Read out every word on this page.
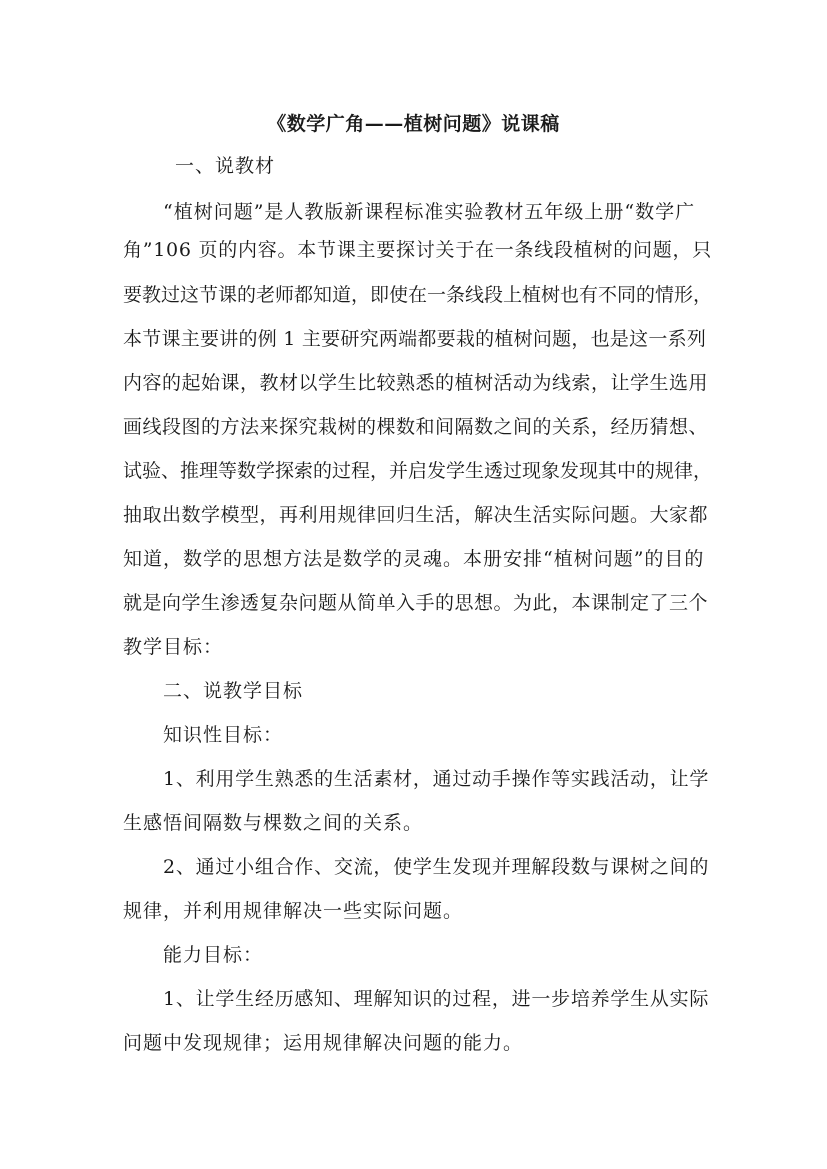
《数学广角——植树问题》说课稿
一、说教材
“植树问题”是人教版新课程标准实验教材五年级上册“数学广
角”106 页的内容。本节课主要探讨关于在一条线段植树的问题，只
要教过这节课的老师都知道，即使在一条线段上植树也有不同的情形，
本节课主要讲的例 1 主要研究两端都要栽的植树问题，也是这一系列
内容的起始课，教材以学生比较熟悉的植树活动为线索，让学生选用
画线段图的方法来探究栽树的棵数和间隔数之间的关系，经历猜想、
试验、推理等数学探索的过程，并启发学生透过现象发现其中的规律，
抽取出数学模型，再利用规律回归生活，解决生活实际问题。大家都
知道，数学的思想方法是数学的灵魂。本册安排“植树问题”的目的
就是向学生渗透复杂问题从简单入手的思想。为此，本课制定了三个
教学目标：
二、说教学目标
知识性目标：
1、利用学生熟悉的生活素材，通过动手操作等实践活动，让学
生感悟间隔数与棵数之间的关系。
2、通过小组合作、交流，使学生发现并理解段数与课树之间的
规律，并利用规律解决一些实际问题。
能力目标：
1、让学生经历感知、理解知识的过程，进一步培养学生从实际
问题中发现规律；运用规律解决问题的能力。
